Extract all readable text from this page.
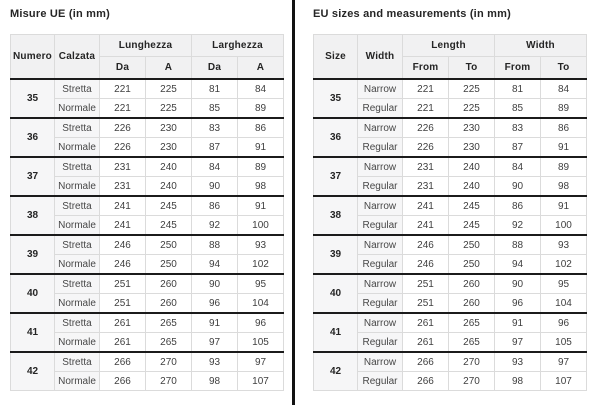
Misure UE (in mm)
Numero	Calzata	Lunghezza		Larghezza	
		Da	A	Da	A
35	Stretta	221	225	81	84
	Normale	221	225	85	89
36	Stretta	226	230	83	86
	Normale	226	230	87	91
37	Stretta	231	240	84	89
	Normale	231	240	90	98
38	Stretta	241	245	86	91
	Normale	241	245	92	100
39	Stretta	246	250	88	93
	Normale	246	250	94	102
40	Stretta	251	260	90	95
	Normale	251	260	96	104
41	Stretta	261	265	91	96
	Normale	261	265	97	105
42	Stretta	266	270	93	97
	Normale	266	270	98	107
EU sizes and measurements (in mm)
Size	Width	Length		Width	
		From	To	From	To
35	Narrow	221	225	81	84
	Regular	221	225	85	89
36	Narrow	226	230	83	86
	Regular	226	230	87	91
37	Narrow	231	240	84	89
	Regular	231	240	90	98
38	Narrow	241	245	86	91
	Regular	241	245	92	100
39	Narrow	246	250	88	93
	Regular	246	250	94	102
40	Narrow	251	260	90	95
	Regular	251	260	96	104
41	Narrow	261	265	91	96
	Regular	261	265	97	105
42	Narrow	266	270	93	97
	Regular	266	270	98	107
